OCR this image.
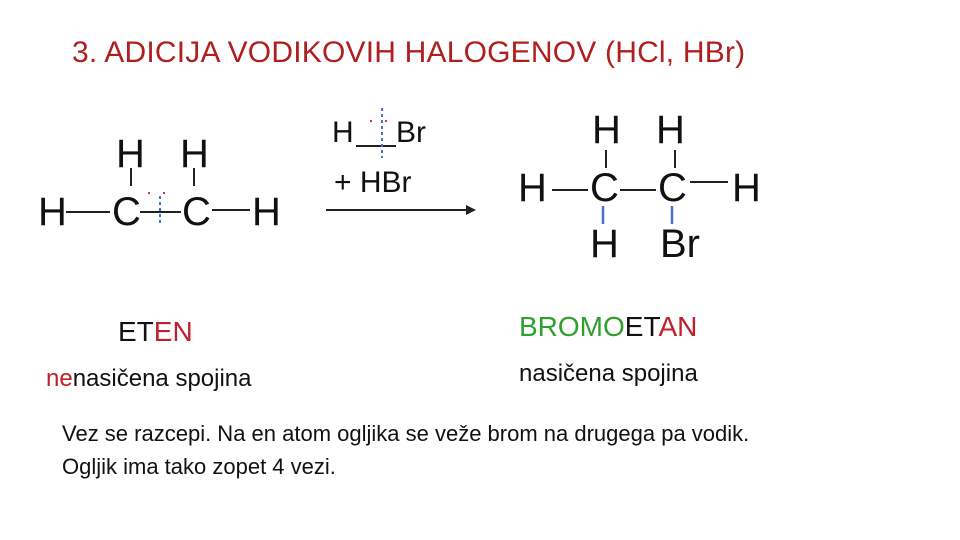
3. ADICIJA VODIKOVIH HALOGENOV (HCl, HBr)
H H
H C C H
· ·
H · · Br
+ HBr
H H
H C C H
H Br
ETEN
nenasičena spojina
BROMOETAN
nasičena spojina
Vez se razcepi. Na en atom ogljika se veže brom na drugega pa vodik.
Ogljik ima tako zopet 4 vezi.
